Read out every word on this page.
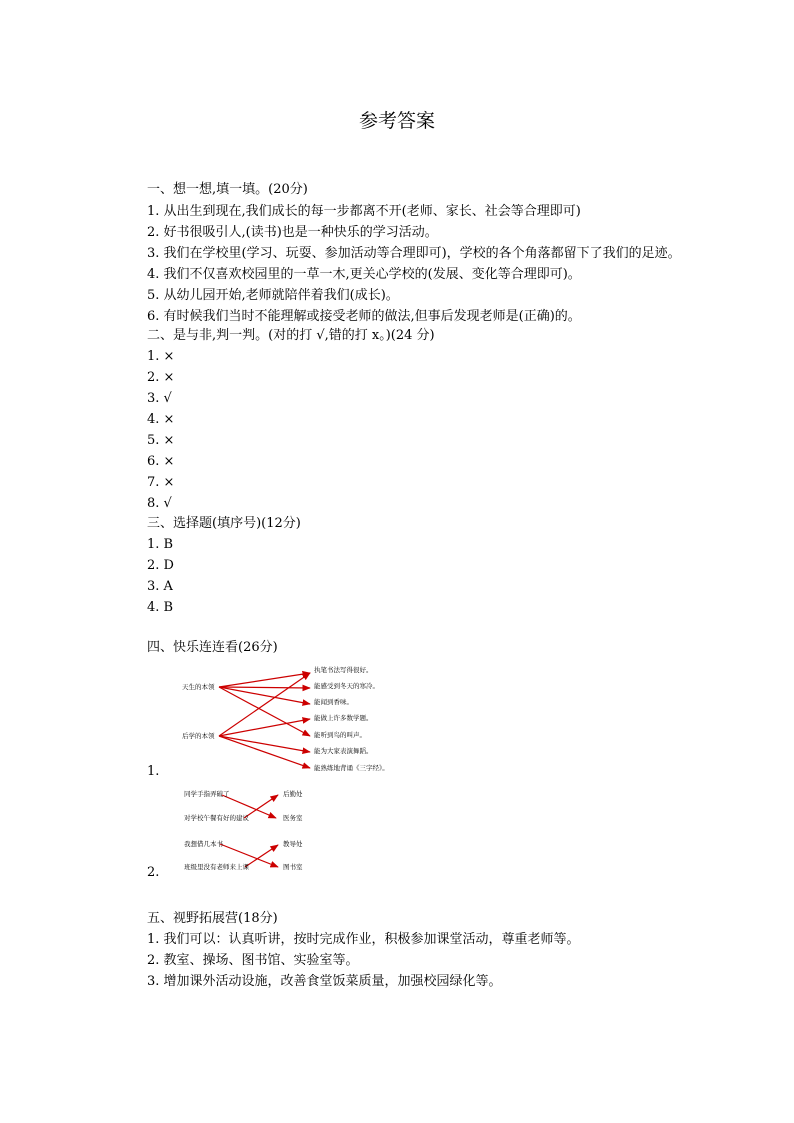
参考答案
一、想一想,填一填。(20分)
1. 从出生到现在,我们成长的每一步都离不开(老师、家长、社会等合理即可)
2. 好书很吸引人,(读书)也是一种快乐的学习活动。
3. 我们在学校里(学习、玩耍、参加活动等合理即可)，学校的各个角落都留下了我们的足迹。
4. 我们不仅喜欢校园里的一草一木,更关心学校的(发展、变化等合理即可)。
5. 从幼儿园开始,老师就陪伴着我们(成长)。
6. 有时候我们当时不能理解或接受老师的做法,但事后发现老师是(正确)的。
二、是与非,判一判。(对的打 √,错的打 x。)(24 分)
1. ×
2. ×
3. √
4. ×
5. ×
6. ×
7. ×
8. √
三、选择题(填序号)(12分)
1. B
2. D
3. A
4. B
四、快乐连连看(26分)
天生的本领
后学的本领
执笔书法写得很好。
能感受到冬天的寒冷。
能闻到香味。
能做上许多数学题。
能听到鸟的叫声。
能为大家表演舞蹈。
能熟练地背诵《三字经》。
1.
同学手指弄破了
对学校午餐有好的建议
后勤处
医务室
我想借几本书
班级里没有老师来上课
教导处
图书室
2.
五、视野拓展营(18分)
1. 我们可以：认真听讲，按时完成作业，积极参加课堂活动，尊重老师等。
2. 教室、操场、图书馆、实验室等。
3. 增加课外活动设施，改善食堂饭菜质量，加强校园绿化等。
